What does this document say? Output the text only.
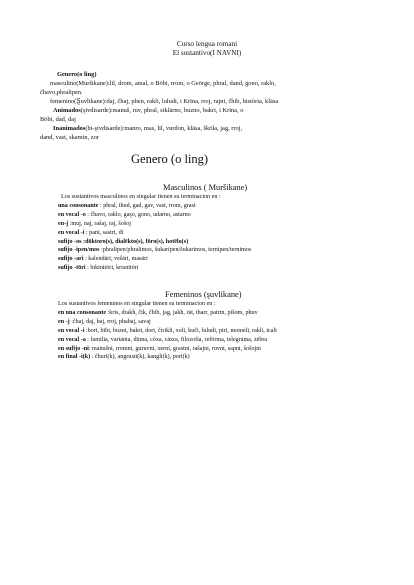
Curso lengua romani
El sustantivo(I NAVNI)

Genero(o ling)

masculino(Muršikane):lil, drom, amal, o Bōbi, rrom, o Geōrge, phral, dand, gono, raklo,

čhavo,phralipen.

femenino(Ȿuvlikane):daj, čhaj, phen, rakli, luludi, i Krīna, rroj, rajni, čhib, història, klāsa

Animados(ȿivdisarde):manuš, ruv, phral, siklārno, buzno, bakri, i Krīna, o

Bōbi, dad, daj

Inanimados(bi-ȿivdisarde):manro, mas, lil, vurdon, klāsa, škōla, jag, rroj,

dand, vast, skamin, zor

Genero (o ling)
Masculinos ( Muršikane)

Los sustantivos masculinos en singular tienen su terminacion en :

una consonante : phral, thud, gad, gav, vast, rrom, grast

en vocal -o : čhavo, raklo, gaȿo, gono, udarno, astarno

en-j :muj, naj, rašaj, raj, šošoj

en vocal -i : pani, sastri, dī

sufijo -os :dōktoro(s), dialēkto(s), fōro(s), hotēlo(s)

sufijo -ipen/mos :phralipen/phralimos, šukaripen/šukarimos, ternipen/ternimos

sufijo -ari : kalendāri, vešāri, masāri

sufijo -tōri : bikinitōri, krisnitōri

Femeninos (ȿuvlikane)

Los sustantivos femeninos en singular tienen su terminacion en :

en una consonante :kris, drakh, čik, čhib, jag, jakh, rāt, tharr, patrin, pišom, phuv

en -j :čhaj, daj, baj, rroj, phabaj, savaj

en vocal -i :bori, bībi, buzni, bakri, dori, čirikli, xoli, kuči, luludi, piri, momeli, rakli, icali

en vocal -a : familia, variānta, dūma, còxa, cāxra, filozofia, refōrma, telegrāma, zēbra

en sufijo -ni: manušni, rromni, guruvni, xerni, grastni, rašajni, ruvni, sapni, šošojni

en final -i(k) : čhuri(k), angrusti(k), kangli(k), pori(k)
